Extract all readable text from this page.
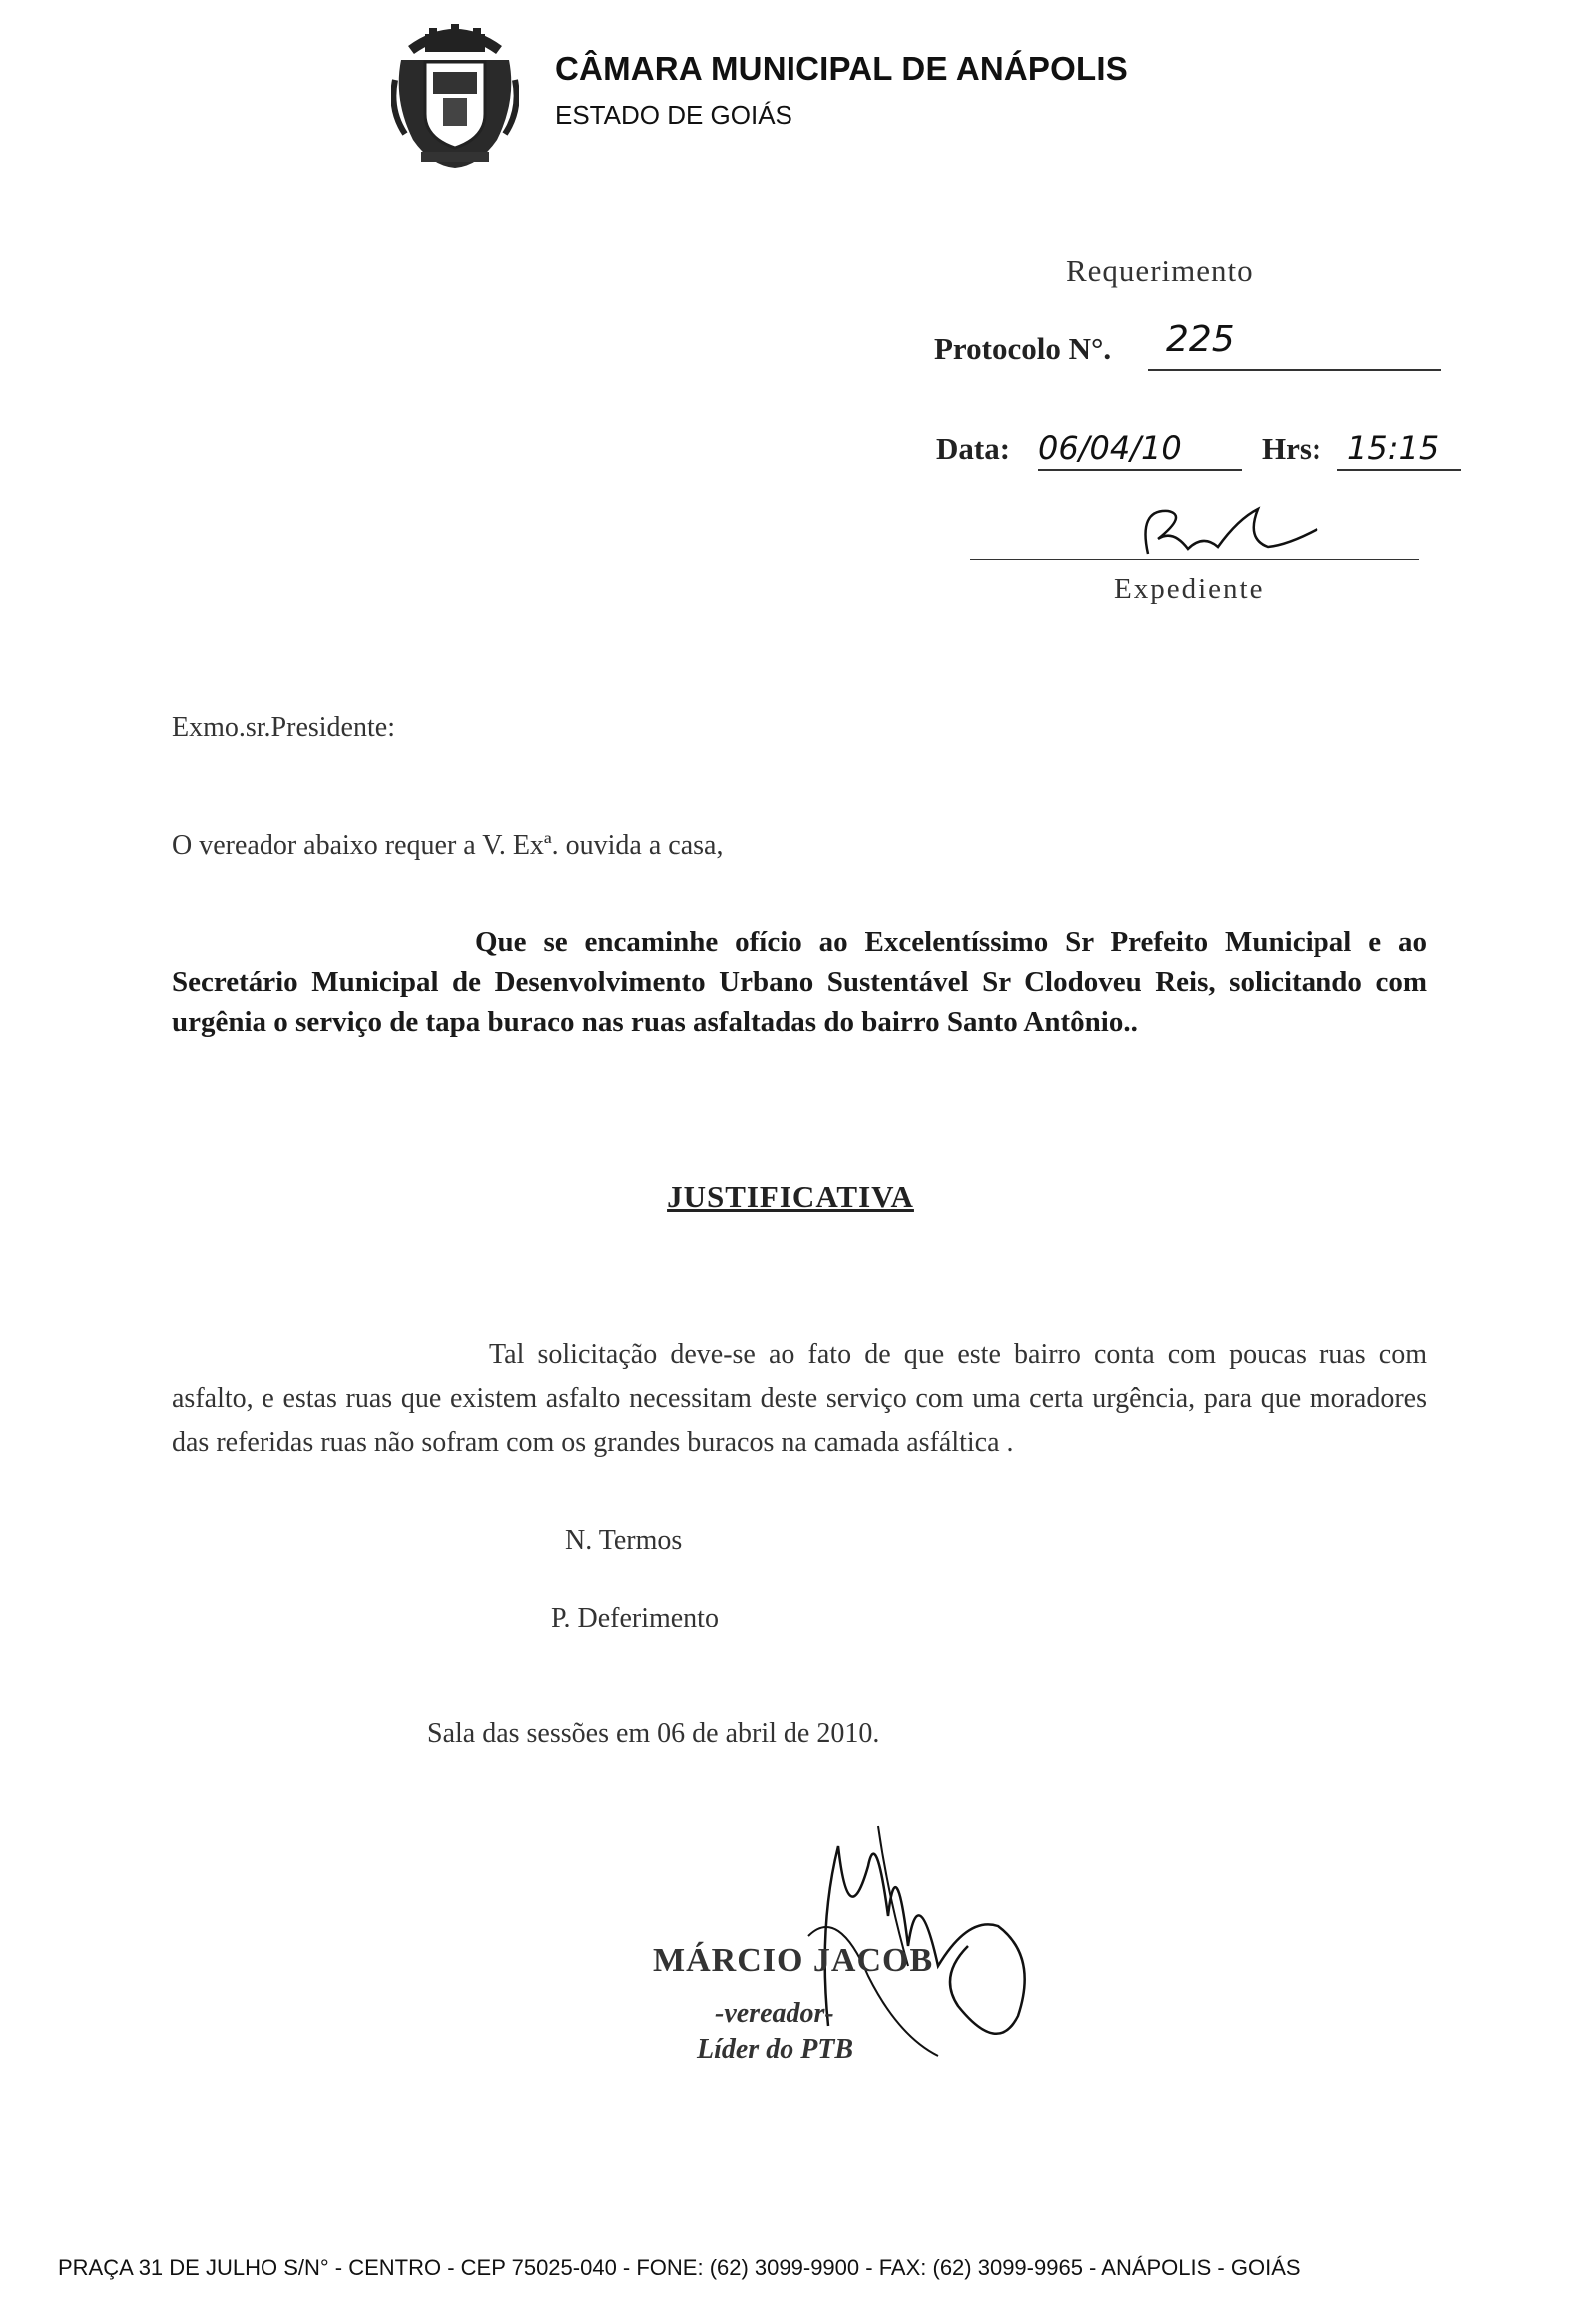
CÂMARA MUNICIPAL DE ANÁPOLIS
ESTADO DE GOIÁS
Requerimento
Protocolo N°. 225
Data: 06/04/10	Hrs: 15:15
Expediente
Exmo.sr.Presidente:
O vereador abaixo requer a V. Exª. ouvida a casa,
Que se encaminhe ofício ao Excelentíssimo Sr Prefeito Municipal e ao Secretário Municipal de Desenvolvimento Urbano Sustentável Sr Clodoveu Reis, solicitando com urgênia o serviço de tapa buraco nas ruas asfaltadas do bairro Santo Antônio..
JUSTIFICATIVA
Tal solicitação deve-se ao fato de que este bairro conta com poucas ruas com asfalto, e estas ruas que existem asfalto necessitam deste serviço com uma certa urgência, para que moradores das referidas ruas não sofram com os grandes buracos na camada asfáltica .
N. Termos
P. Deferimento
Sala das sessões em 06 de abril de 2010.
MÁRCIO JACOB
-vereador-
Líder do PTB
PRAÇA 31 DE JULHO S/N° - CENTRO - CEP 75025-040 - FONE: (62) 3099-9900 - FAX: (62) 3099-9965 - ANÁPOLIS - GOIÁS
